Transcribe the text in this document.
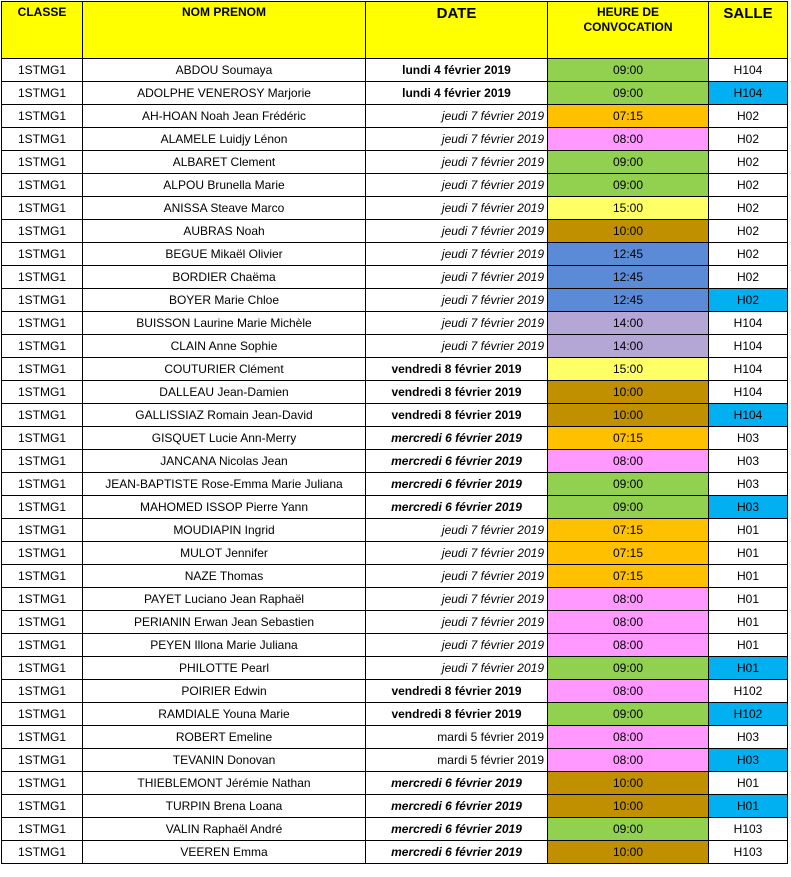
CLASSE	NOM PRENOM	DATE	HEURE DE CONVOCATION	SALLE
1STMG1	ABDOU Soumaya	lundi 4 février 2019	09:00	H104
1STMG1	ADOLPHE VENEROSY Marjorie	lundi 4 février 2019	09:00	H104
1STMG1	AH-HOAN Noah Jean Frédéric	jeudi 7 février 2019	07:15	H02
1STMG1	ALAMELE Luidjy Lénon	jeudi 7 février 2019	08:00	H02
1STMG1	ALBARET Clement	jeudi 7 février 2019	09:00	H02
1STMG1	ALPOU Brunella Marie	jeudi 7 février 2019	09:00	H02
1STMG1	ANISSA Steave Marco	jeudi 7 février 2019	15:00	H02
1STMG1	AUBRAS Noah	jeudi 7 février 2019	10:00	H02
1STMG1	BEGUE Mikaël Olivier	jeudi 7 février 2019	12:45	H02
1STMG1	BORDIER Chaëma	jeudi 7 février 2019	12:45	H02
1STMG1	BOYER Marie Chloe	jeudi 7 février 2019	12:45	H02
1STMG1	BUISSON Laurine Marie Michèle	jeudi 7 février 2019	14:00	H104
1STMG1	CLAIN Anne Sophie	jeudi 7 février 2019	14:00	H104
1STMG1	COUTURIER Clément	vendredi 8 février 2019	15:00	H104
1STMG1	DALLEAU Jean-Damien	vendredi 8 février 2019	10:00	H104
1STMG1	GALLISSIAZ Romain Jean-David	vendredi 8 février 2019	10:00	H104
1STMG1	GISQUET Lucie Ann-Merry	mercredi 6 février 2019	07:15	H03
1STMG1	JANCANA Nicolas Jean	mercredi 6 février 2019	08:00	H03
1STMG1	JEAN-BAPTISTE Rose-Emma Marie Juliana	mercredi 6 février 2019	09:00	H03
1STMG1	MAHOMED ISSOP Pierre Yann	mercredi 6 février 2019	09:00	H03
1STMG1	MOUDIAPIN Ingrid	jeudi 7 février 2019	07:15	H01
1STMG1	MULOT Jennifer	jeudi 7 février 2019	07:15	H01
1STMG1	NAZE Thomas	jeudi 7 février 2019	07:15	H01
1STMG1	PAYET Luciano Jean Raphaël	jeudi 7 février 2019	08:00	H01
1STMG1	PERIANIN Erwan Jean Sebastien	jeudi 7 février 2019	08:00	H01
1STMG1	PEYEN Illona Marie Juliana	jeudi 7 février 2019	08:00	H01
1STMG1	PHILOTTE Pearl	jeudi 7 février 2019	09:00	H01
1STMG1	POIRIER Edwin	vendredi 8 février 2019	08:00	H102
1STMG1	RAMDIALE Youna Marie	vendredi 8 février 2019	09:00	H102
1STMG1	ROBERT Emeline	mardi 5 février 2019	08:00	H03
1STMG1	TEVANIN Donovan	mardi 5 février 2019	08:00	H03
1STMG1	THIEBLEMONT Jérémie Nathan	mercredi 6 février 2019	10:00	H01
1STMG1	TURPIN Brena Loana	mercredi 6 février 2019	10:00	H01
1STMG1	VALIN Raphaël André	mercredi 6 février 2019	09:00	H103
1STMG1	VEEREN Emma	mercredi 6 février 2019	10:00	H103
